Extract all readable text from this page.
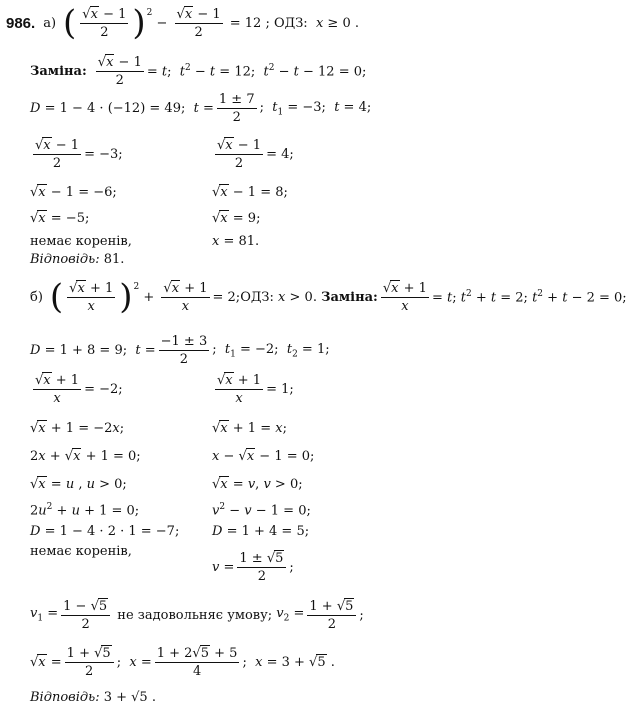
986. а) ( $\frac{√ x - 1}{2} )^2$
− $\frac{√ x - 1}{2} = 12$ ; ОДЗ: x ≥ 0 .
Заміна: $\frac{√ x - 1}{2} = t$;  $t^2 - t = 12$;  $t^2 - t - 12 = 0$;
D = 1 − 4 · (−12) = 49;  $t = \frac{1 \pm 7}{2}$ ;  $t_1 = -3$;  t = 4;
$\frac{√ x - 1}{2} = -3$;	$\frac{√ x - 1}{2} = 4$;
√ x − 1 = −6;	√ x − 1 = 8;
√ x = −5;	√ x = 9;
немає коренів,	x = 81.
Відповідь:
81.
б) ( $\frac{√ x + 1}{x} )^2$
+ $\frac{√ x + 1}{x} = 2$; ОДЗ: x > 0. Заміна: $\frac{√ x + 1}{x} = t$; $t^2 + t = 2$; $t^2 + t - 2 = 0$;
D = 1 + 8 = 9;  $t = \frac{-1 \pm 3}{2}$ ;  $t_1 = -2$;  $t_2 = 1$;
$\frac{√ x + 1}{x} = -2$;	$\frac{√ x + 1}{x} = 1$;
√ x + 1 = −2x;	√ x + 1 = x;
2x + √ x + 1 = 0;	x − √ x − 1 = 0;
√ x = u , u > 0;	√ x = v, v > 0;
$2u^2 + u + 1 = 0$;	$v^2 - v - 1 = 0$;
D = 1 − 4 · 2 · 1 = −7;	D = 1 + 4 = 5;
немає коренів,
$v = \frac{1 \pm √ 5}{2}$ ;
$v_1 = \frac{1 - √ 5}{2}$
не задовольняє умову; $v_2 = \frac{1 + √ 5}{2}$ ;
√ $x = \frac{1 + √ 5}{2}$ ;  $x = \frac{1 + 2 √ 5 + 5}{4}$ ;  x = 3 + √ 5 .
Відповідь:
3 + √5 .
